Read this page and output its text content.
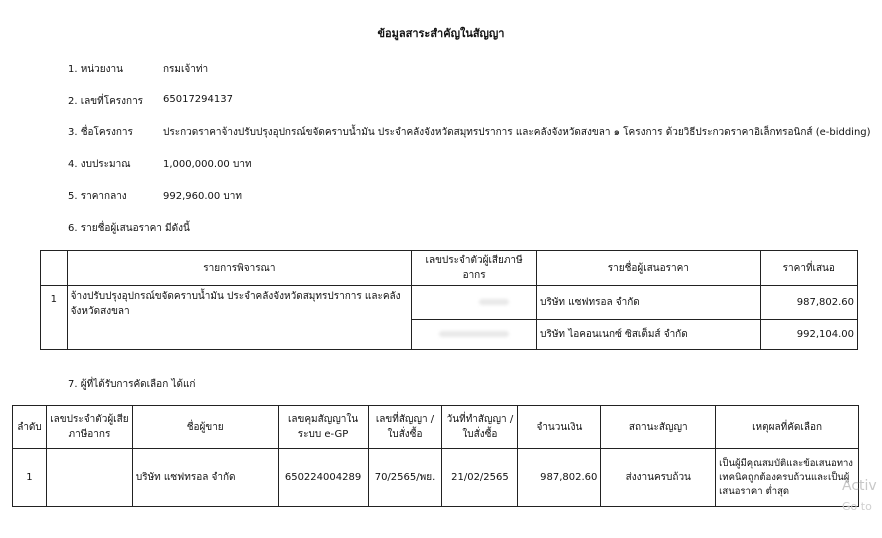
ข้อมูลสาระสำคัญในสัญญา
1. หน่วยงาน	กรมเจ้าท่า
2. เลขที่โครงการ 65017294137
3. ชื่อโครงการ	ประกวดราคาจ้างปรับปรุงอุปกรณ์ขจัดคราบน้ำมัน ประจำคลังจังหวัดสมุทรปราการ และคลังจังหวัดสงขลา ๑ โครงการ ด้วยวิธีประกวดราคาอิเล็กทรอนิกส์ (e-bidding)
4. งบประมาณ	1,000,000.00 บาท
5. ราคากลาง	992,960.00 บาท
6. รายชื่อผู้เสนอราคา มีดังนี้
	รายการพิจารณา	เลขประจำตัวผู้เสียภาษีอากร	รายชื่อผู้เสนอราคา	ราคาที่เสนอ
1	จ้างปรับปรุงอุปกรณ์ขจัดคราบน้ำมัน ประจำคลังจังหวัดสมุทรปราการ และคลัง
จังหวัดสงขลา		บริษัท แซฟทรอล จำกัด	987,802.60
			บริษัท ไอคอนเนกซ์ ซิสเต็มส์ จำกัด	992,104.00
7. ผู้ที่ได้รับการคัดเลือก ได้แก่
ลำดับ	เลขประจำตัวผู้เสียภาษีอากร	ชื่อผู้ขาย	เลขคุมสัญญาในระบบ e-GP	เลขที่สัญญา / ใบสั่งซื้อ	วันที่ทำสัญญา / ใบสั่งซื้อ	จำนวนเงิน	สถานะสัญญา	เหตุผลที่คัดเลือก
1		บริษัท แซฟทรอล จำกัด	650224004289	70/2565/พย.	21/02/2565	987,802.60	ส่งงานครบถ้วน	เป็นผู้มีคุณสมบัติและข้อเสนอทางเทคนิคถูกต้องครบถ้วนและเป็นผู้เสนอราคา ต่ำสุด	Activ
Go to
